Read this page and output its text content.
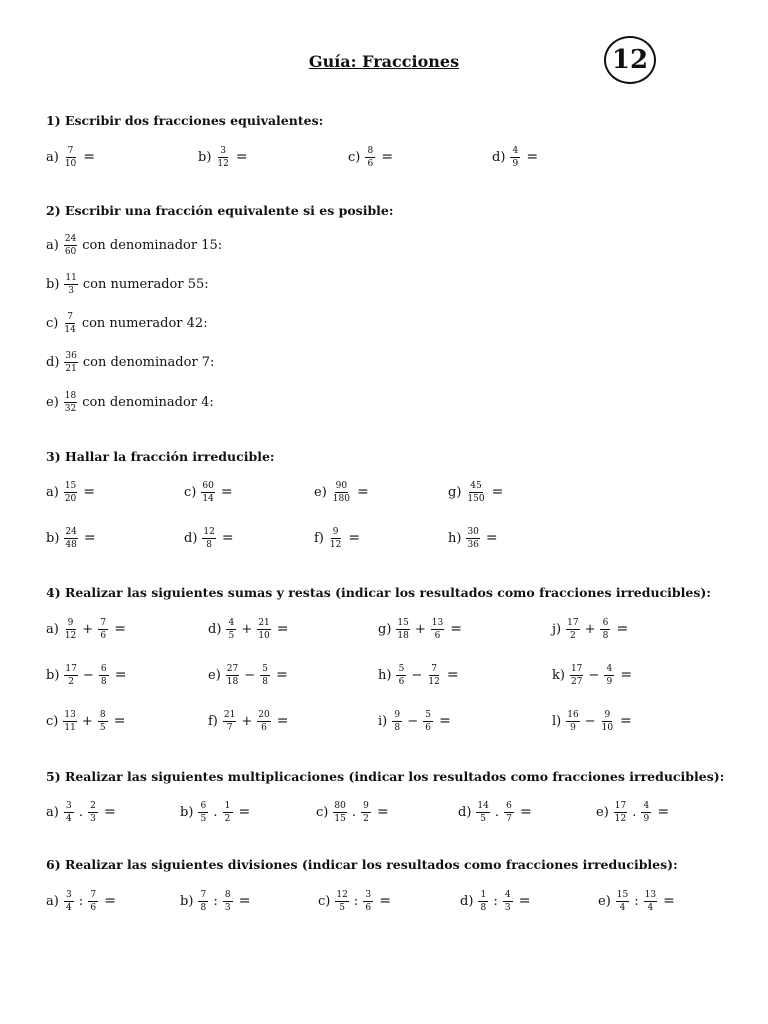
Guía: Fracciones	12
1) Escribir dos fracciones equivalentes:
$a) \frac{7}{10}$ =	$b) \frac{3}{12}$ =	$c) \frac{8}{6}$ =	$d) \frac{4}{9}$ =
2) Escribir una fracción equivalente si es posible:
$a) \frac{24}{60}$ con denominador 15:
$b) \frac{11}{3}$ con numerador 55:
$c) \frac{7}{14}$ con numerador 42:
$d) \frac{36}{21}$ con denominador 7:
$e) \frac{18}{32}$ con denominador 4:
3) Hallar la fracción irreducible:
$a) \frac{15}{20}$ =	$c) \frac{60}{14}$ =	$e) \frac{90}{180}$ =	$g) \frac{45}{150}$ =
$b) \frac{24}{48}$ =	$d) \frac{12}{8}$ =	$f) \frac{9}{12}$ =	$h) \frac{30}{36}$ =
4) Realizar las siguientes sumas y restas (indicar los resultados como fracciones irreducibles):
$a) \frac{9}{12} + \frac{7}{6}$ =	$d) \frac{4}{5} + \frac{21}{10}$ =	$g) \frac{15}{18} + \frac{13}{6}$ =	$j) \frac{17}{2} + \frac{6}{8}$ =
$b) \frac{17}{2} - \frac{6}{8}$ =	$e) \frac{27}{18} - \frac{5}{8}$ =	$h) \frac{5}{6} - \frac{7}{12}$ =	$k) \frac{17}{27} - \frac{4}{9}$ =
$c) \frac{13}{11} + \frac{8}{5}$ =	$f) \frac{21}{7} + \frac{20}{6}$ =	$i) \frac{9}{8} - \frac{5}{6}$ =	$l) \frac{16}{9} - \frac{9}{10}$ =
5) Realizar las siguientes multiplicaciones (indicar los resultados como fracciones irreducibles):
$a) \frac{3}{4}$ . $\frac{2}{3}$ =	$b) \frac{6}{5}$ . $\frac{1}{2}$ =	$c) \frac{80}{15}$ . $\frac{9}{2}$ =	$d) \frac{14}{5}$ . $\frac{6}{7}$ =	$e) \frac{17}{12}$ . $\frac{4}{9}$ =
6) Realizar las siguientes divisiones (indicar los resultados como fracciones irreducibles):
$a) \frac{3}{4}$ : $\frac{7}{6}$ =	$b) \frac{7}{8}$ : $\frac{8}{3}$ =	$c) \frac{12}{5}$ : $\frac{3}{6}$ =	$d) \frac{1}{8}$ : $\frac{4}{3}$ =	$e) \frac{15}{4}$ : $\frac{13}{4}$ =
